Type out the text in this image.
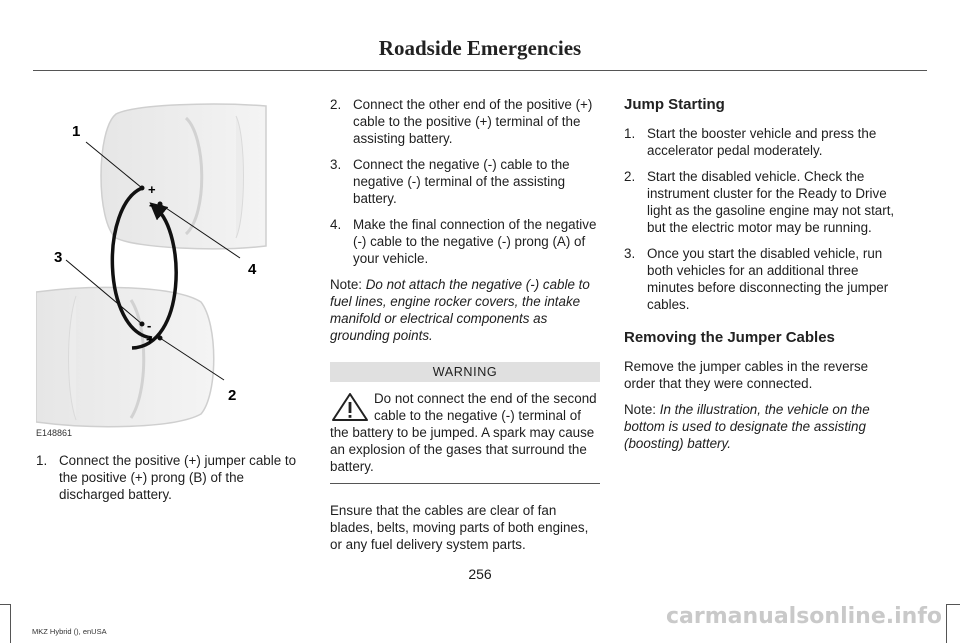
Roadside Emergencies
+
-
-
+
1
2
3
4
E148861
1. Connect the positive (+) jumper cable to the positive (+) prong (B) of the discharged battery.
2. Connect the other end of the positive (+) cable to the positive (+) terminal of the assisting battery.
3. Connect the negative (-) cable to the negative (-) terminal of the assisting battery.
4. Make the final connection of the negative (-) cable to the negative (-) prong (A) of your vehicle.

Note: Do not attach the negative (-) cable to fuel lines, engine rocker covers, the intake manifold or electrical components as grounding points.

WARNING
Do not connect the end of the second cable to the negative (-) terminal of the battery to be jumped. A spark may cause an explosion of the gases that surround the battery.

Ensure that the cables are clear of fan blades, belts, moving parts of both engines, or any fuel delivery system parts.

Jump Starting
1. Start the booster vehicle and press the accelerator pedal moderately.
2. Start the disabled vehicle. Check the instrument cluster for the Ready to Drive light as the gasoline engine may not start, but the electric motor may be running.
3. Once you start the disabled vehicle, run both vehicles for an additional three minutes before disconnecting the jumper cables.
Removing the Jumper Cables

Remove the jumper cables in the reverse order that they were connected.

Note: In the illustration, the vehicle on the bottom is used to designate the assisting (boosting) battery.

256
MKZ Hybrid (), enUSA
carmanualsonline.info
